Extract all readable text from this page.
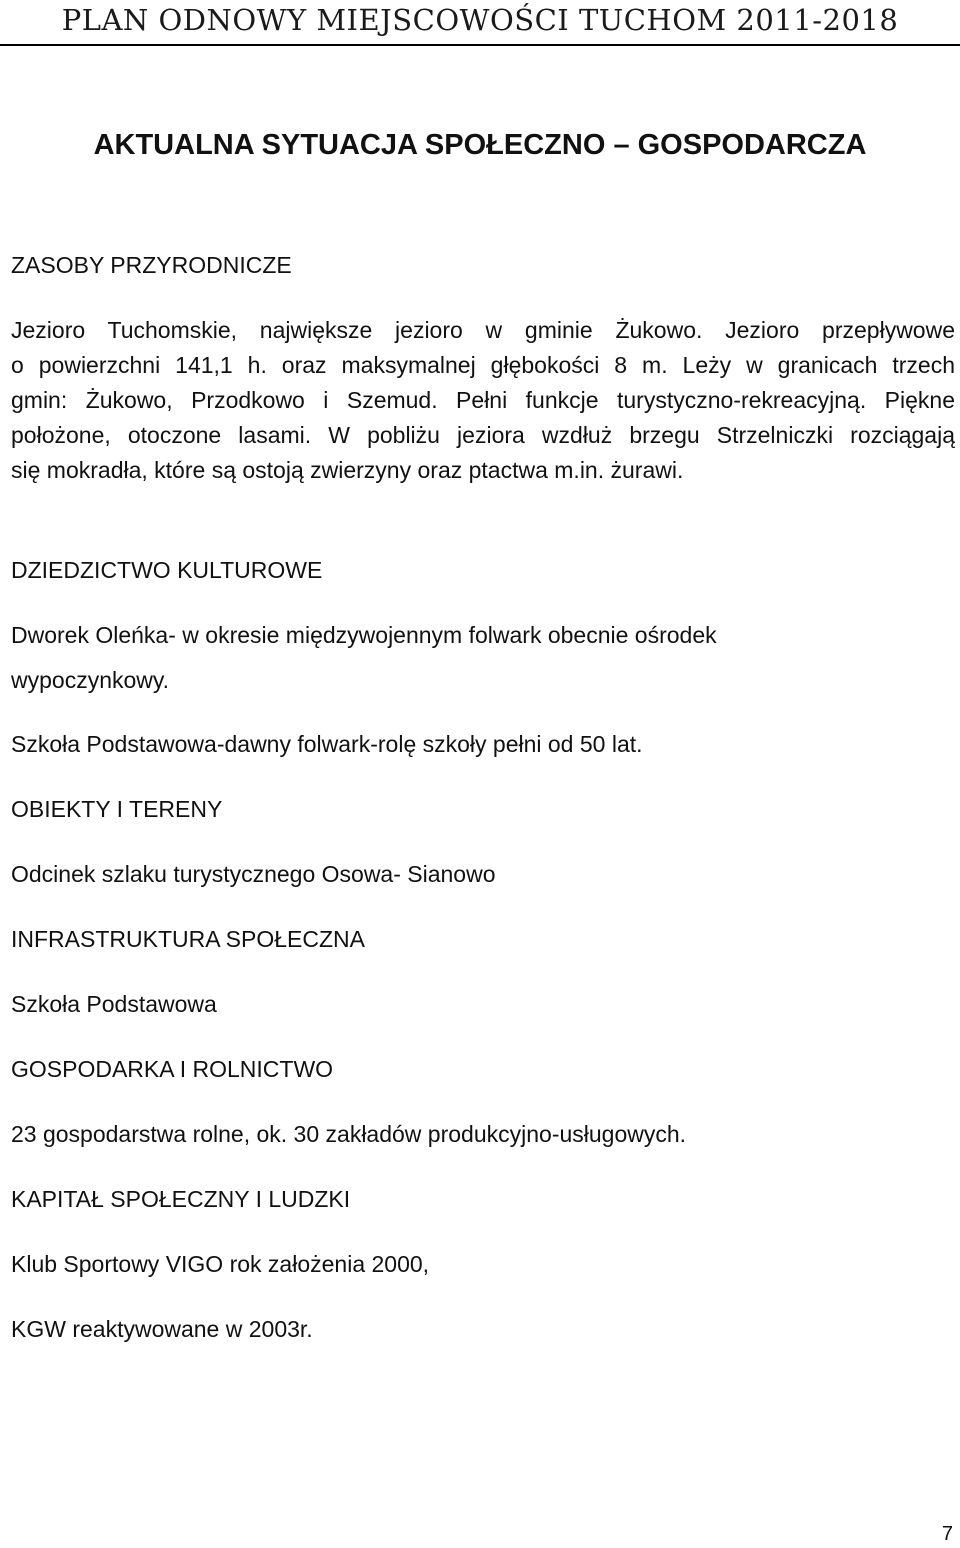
PLAN ODNOWY MIEJSCOWOŚCI TUCHOM 2011-2018
AKTUALNA SYTUACJA SPOŁECZNO – GOSPODARCZA
ZASOBY PRZYRODNICZE
Jezioro Tuchomskie, największe jezioro w gminie Żukowo. Jezioro przepływowe
o powierzchni 141,1 h. oraz maksymalnej głębokości 8 m. Leży w granicach trzech
gmin: Żukowo, Przodkowo i Szemud. Pełni funkcje turystyczno-rekreacyjną. Piękne
położone, otoczone lasami. W pobliżu jeziora wzdłuż brzegu Strzelniczki rozciągają
się mokradła, które są ostoją zwierzyny oraz ptactwa m.in. żurawi.
DZIEDZICTWO KULTUROWE
Dworek Oleńka- w okresie międzywojennym folwark obecnie ośrodek
wypoczynkowy.
Szkoła Podstawowa-dawny folwark-rolę szkoły pełni od 50 lat.
OBIEKTY I TERENY
Odcinek szlaku turystycznego Osowa- Sianowo
INFRASTRUKTURA SPOŁECZNA
Szkoła Podstawowa
GOSPODARKA I ROLNICTWO
23 gospodarstwa rolne, ok. 30 zakładów produkcyjno-usługowych.
KAPITAŁ SPOŁECZNY I LUDZKI
Klub Sportowy VIGO rok założenia 2000,
KGW reaktywowane w 2003r.
7
